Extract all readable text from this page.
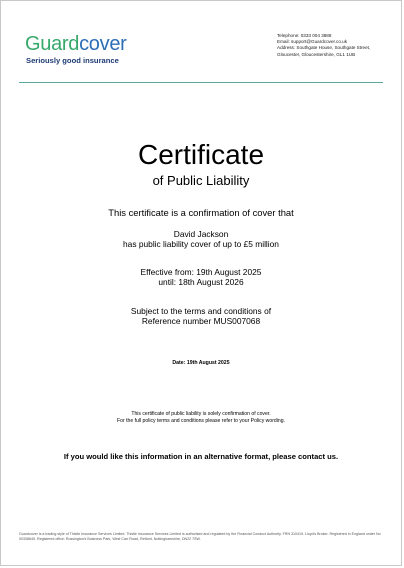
Guardcover
Seriously good insurance
Telephone: 0333 004 3888
Email: support@Guardcover.co.uk
Address: Southgate House, Southgate Street, Gloucester, Gloucestershire, GL1 1UB
Certificate
of Public Liability
This certificate is a confirmation of cover that
David Jackson
has public liability cover of up to £5 million
Effective from: 19th August 2025
until: 18th August 2026
Subject to the terms and conditions of
Reference number MUS007068
Date: 19th August 2025
This certificate of public liability is solely confirmation of cover.
For the full policy terms and conditions please refer to your Policy wording.
If you would like this information in an alternative format, please contact us.
Guardcover is a trading style of Thistle Insurance Services Limited. Thistle Insurance Services Limited is authorised and regulated by the Financial Conduct Authority. FRN 310419. Lloyd's Broker. Registered in England under No 00338645. Registered office: Rossington's Business Park, West Carr Road, Retford, Nottinghamshire, DN22 7SW.
